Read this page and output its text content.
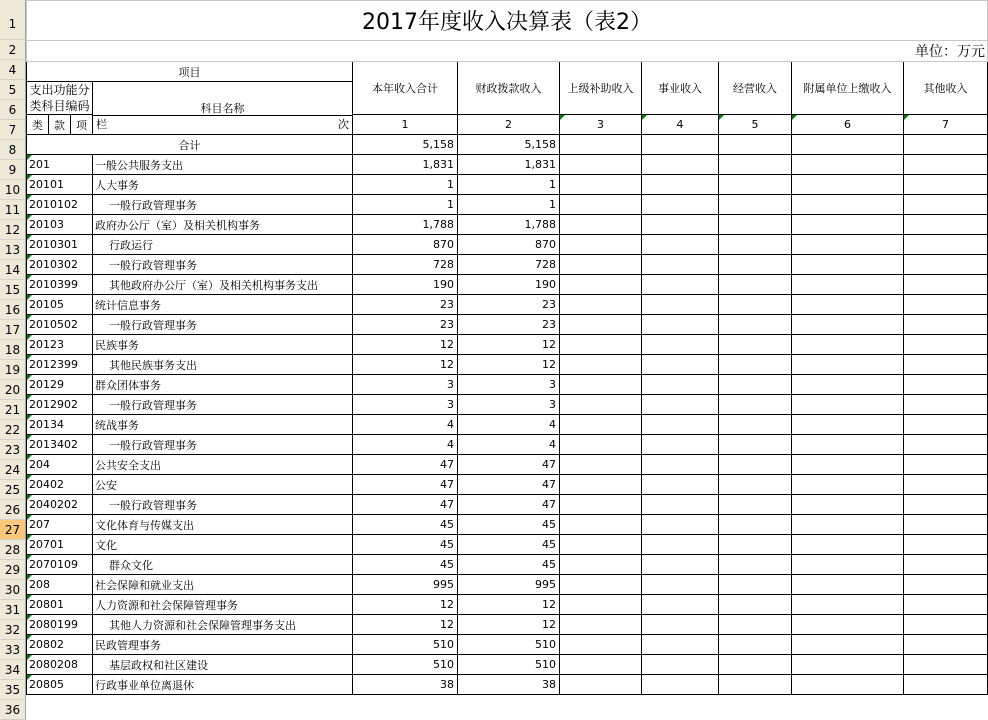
1
2
4
5
6
7
8
9
10
11
12
13
14
15
16
17
18
19
20
21
22
23
24
25
26
27
28
29
30
31
32
33
34
35
36
2017年度收入决算表（表2）										
单位：万元										
项目				本年收入合计	财政拨款收入	上级补助收入	事业收入	经营收入	附属单位上缴收入	其他收入
支出功能分类科目编码			科目名称
栏 次							

类	款	项		1	2	3	4	5	6	7
合计				5,158	5,158					
201			一般公共服务支出	1,831	1,831					
20101			人大事务	1	1					
2010102			一般行政管理事务	1	1					
20103			政府办公厅（室）及相关机构事务	1,788	1,788					
2010301			行政运行	870	870					
2010302			一般行政管理事务	728	728					
2010399			其他政府办公厅（室）及相关机构事务支出	190	190					
20105			统计信息事务	23	23					
2010502			一般行政管理事务	23	23					
20123			民族事务	12	12					
2012399			其他民族事务支出	12	12					
20129			群众团体事务	3	3					
2012902			一般行政管理事务	3	3					
20134			统战事务	4	4					
2013402			一般行政管理事务	4	4					
204			公共安全支出	47	47					
20402			公安	47	47					
2040202			一般行政管理事务	47	47					
207			文化体育与传媒支出	45	45					
20701			文化	45	45					
2070109			群众文化	45	45					
208			社会保障和就业支出	995	995					
20801			人力资源和社会保障管理事务	12	12					
2080199			其他人力资源和社会保障管理事务支出	12	12					
20802			民政管理事务	510	510					
2080208			基层政权和社区建设	510	510					
20805			行政事业单位离退休	38	38					
